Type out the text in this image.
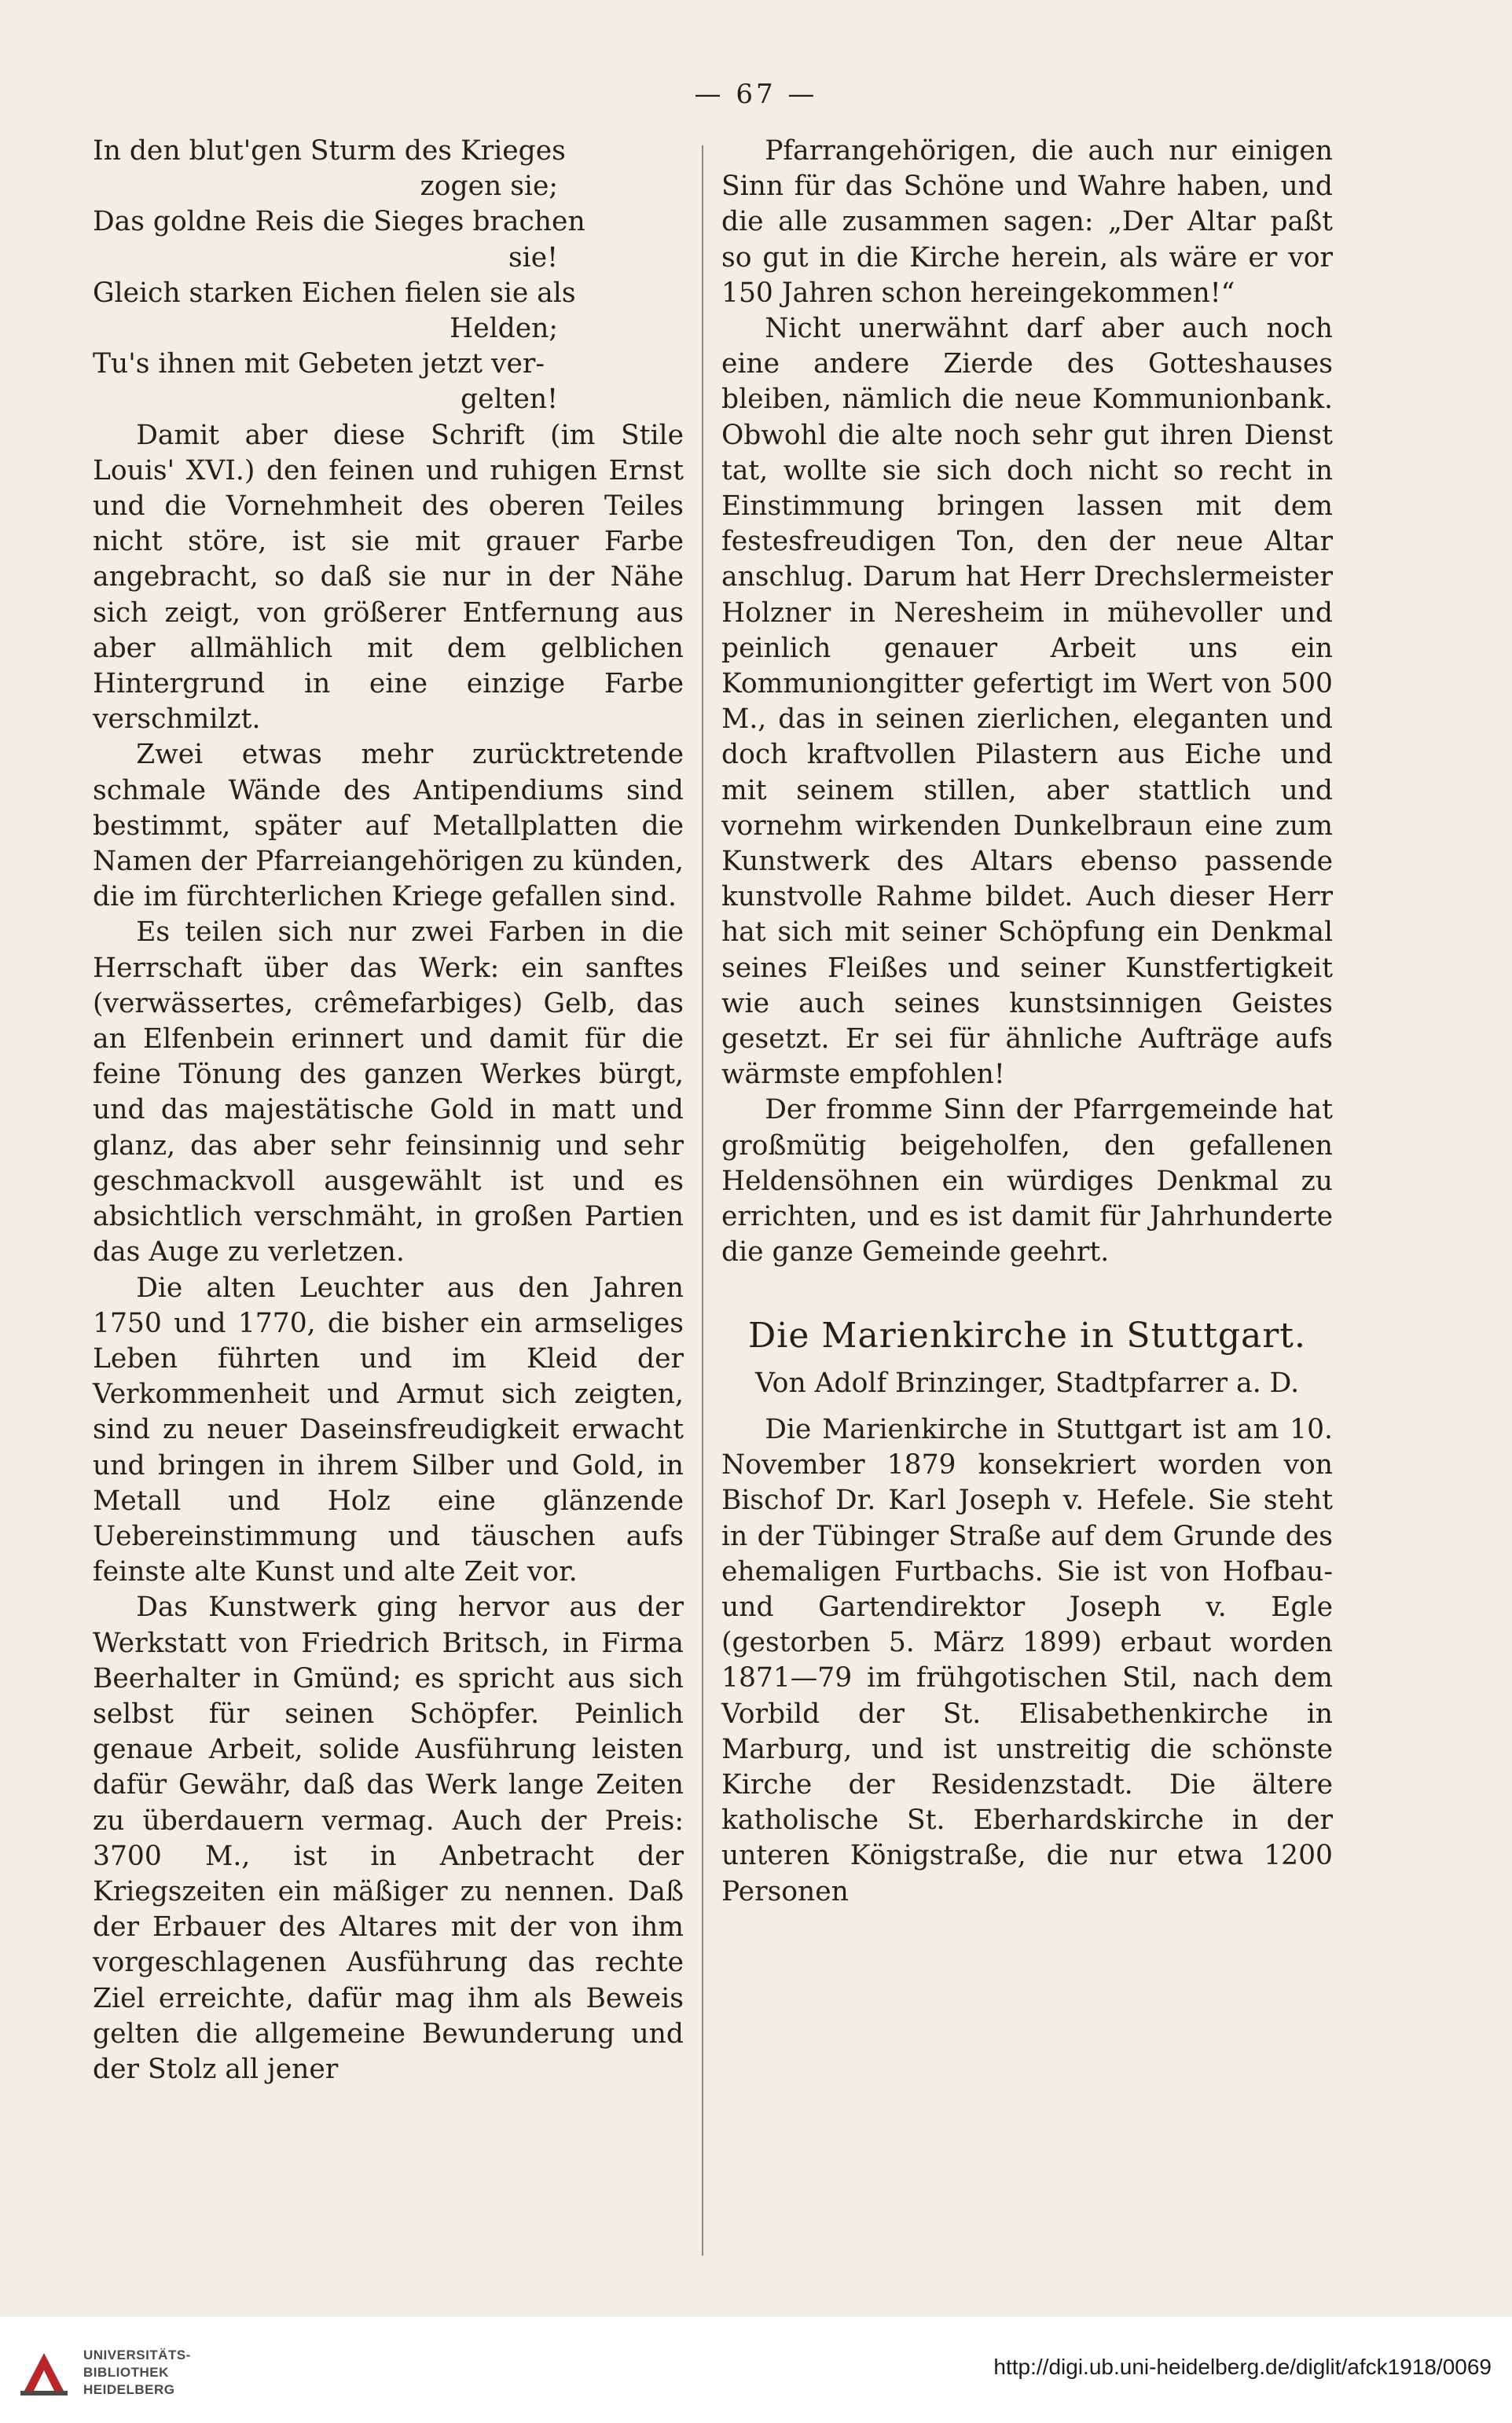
— 67 —

In den blut'gen Sturm des Krieges
zogen sie;
Das goldne Reis die Sieges brachen
sie!
Gleich starken Eichen fielen sie als
Helden;
Tu's ihnen mit Gebeten jetzt ver-
gelten!

Damit aber diese Schrift (im Stile Louis' XVI.) den feinen und ruhigen Ernst und die Vornehmheit des oberen Teiles nicht störe, ist sie mit grauer Farbe angebracht, so daß sie nur in der Nähe sich zeigt, von größerer Entfernung aus aber allmählich mit dem gelblichen Hintergrund in eine einzige Farbe verschmilzt.

Zwei etwas mehr zurücktretende schmale Wände des Antipendiums sind bestimmt, später auf Metallplatten die Namen der Pfarreiangehörigen zu künden, die im fürchterlichen Kriege gefallen sind.

Es teilen sich nur zwei Farben in die Herrschaft über das Werk: ein sanftes (verwässertes, crêmefarbiges) Gelb, das an Elfenbein erinnert und damit für die feine Tönung des ganzen Werkes bürgt, und das majestätische Gold in matt und glanz, das aber sehr feinsinnig und sehr geschmackvoll ausgewählt ist und es absichtlich verschmäht, in großen Partien das Auge zu verletzen.

Die alten Leuchter aus den Jahren 1750 und 1770, die bisher ein armseliges Leben führten und im Kleid der Verkommenheit und Armut sich zeigten, sind zu neuer Daseinsfreudigkeit erwacht und bringen in ihrem Silber und Gold, in Metall und Holz eine glänzende Uebereinstimmung und täuschen aufs feinste alte Kunst und alte Zeit vor.

Das Kunstwerk ging hervor aus der Werkstatt von Friedrich Britsch, in Firma Beerhalter in Gmünd; es spricht aus sich selbst für seinen Schöpfer. Peinlich genaue Arbeit, solide Ausführung leisten dafür Gewähr, daß das Werk lange Zeiten zu überdauern vermag. Auch der Preis: 3700 M., ist in Anbetracht der Kriegszeiten ein mäßiger zu nennen. Daß der Erbauer des Altares mit der von ihm vorgeschlagenen Ausführung das rechte Ziel erreichte, dafür mag ihm als Beweis gelten die allgemeine Bewunderung und der Stolz all jener

Pfarrangehörigen, die auch nur einigen Sinn für das Schöne und Wahre haben, und die alle zusammen sagen: „Der Altar paßt so gut in die Kirche herein, als wäre er vor 150 Jahren schon hereingekommen!“

Nicht unerwähnt darf aber auch noch eine andere Zierde des Gotteshauses bleiben, nämlich die neue Kommunionbank. Obwohl die alte noch sehr gut ihren Dienst tat, wollte sie sich doch nicht so recht in Einstimmung bringen lassen mit dem festesfreudigen Ton, den der neue Altar anschlug. Darum hat Herr Drechslermeister Holzner in Neresheim in mühevoller und peinlich genauer Arbeit uns ein Kommuniongitter gefertigt im Wert von 500 M., das in seinen zierlichen, eleganten und doch kraftvollen Pilastern aus Eiche und mit seinem stillen, aber stattlich und vornehm wirkenden Dunkelbraun eine zum Kunstwerk des Altars ebenso passende kunstvolle Rahme bildet. Auch dieser Herr hat sich mit seiner Schöpfung ein Denkmal seines Fleißes und seiner Kunstfertigkeit wie auch seines kunstsinnigen Geistes gesetzt. Er sei für ähnliche Aufträge aufs wärmste empfohlen!

Der fromme Sinn der Pfarrgemeinde hat großmütig beigeholfen, den gefallenen Heldensöhnen ein würdiges Denkmal zu errichten, und es ist damit für Jahrhunderte die ganze Gemeinde geehrt.

Die Marienkirche in Stuttgart.

Von Adolf Brinzinger, Stadtpfarrer a. D.

Die Marienkirche in Stuttgart ist am 10. November 1879 konsekriert worden von Bischof Dr. Karl Joseph v. Hefele. Sie steht in der Tübinger Straße auf dem Grunde des ehemaligen Furtbachs. Sie ist von Hofbau- und Gartendirektor Joseph v. Egle (gestorben 5. März 1899) erbaut worden 1871—79 im frühgotischen Stil, nach dem Vorbild der St. Elisabethenkirche in Marburg, und ist unstreitig die schönste Kirche der Residenzstadt. Die ältere katholische St. Eberhardskirche in der unteren Königstraße, die nur etwa 1200 Personen

UNIVERSITÄTS-
BIBLIOTHEK
HEIDELBERG
http://digi.ub.uni-heidelberg.de/diglit/afck1918/0069
